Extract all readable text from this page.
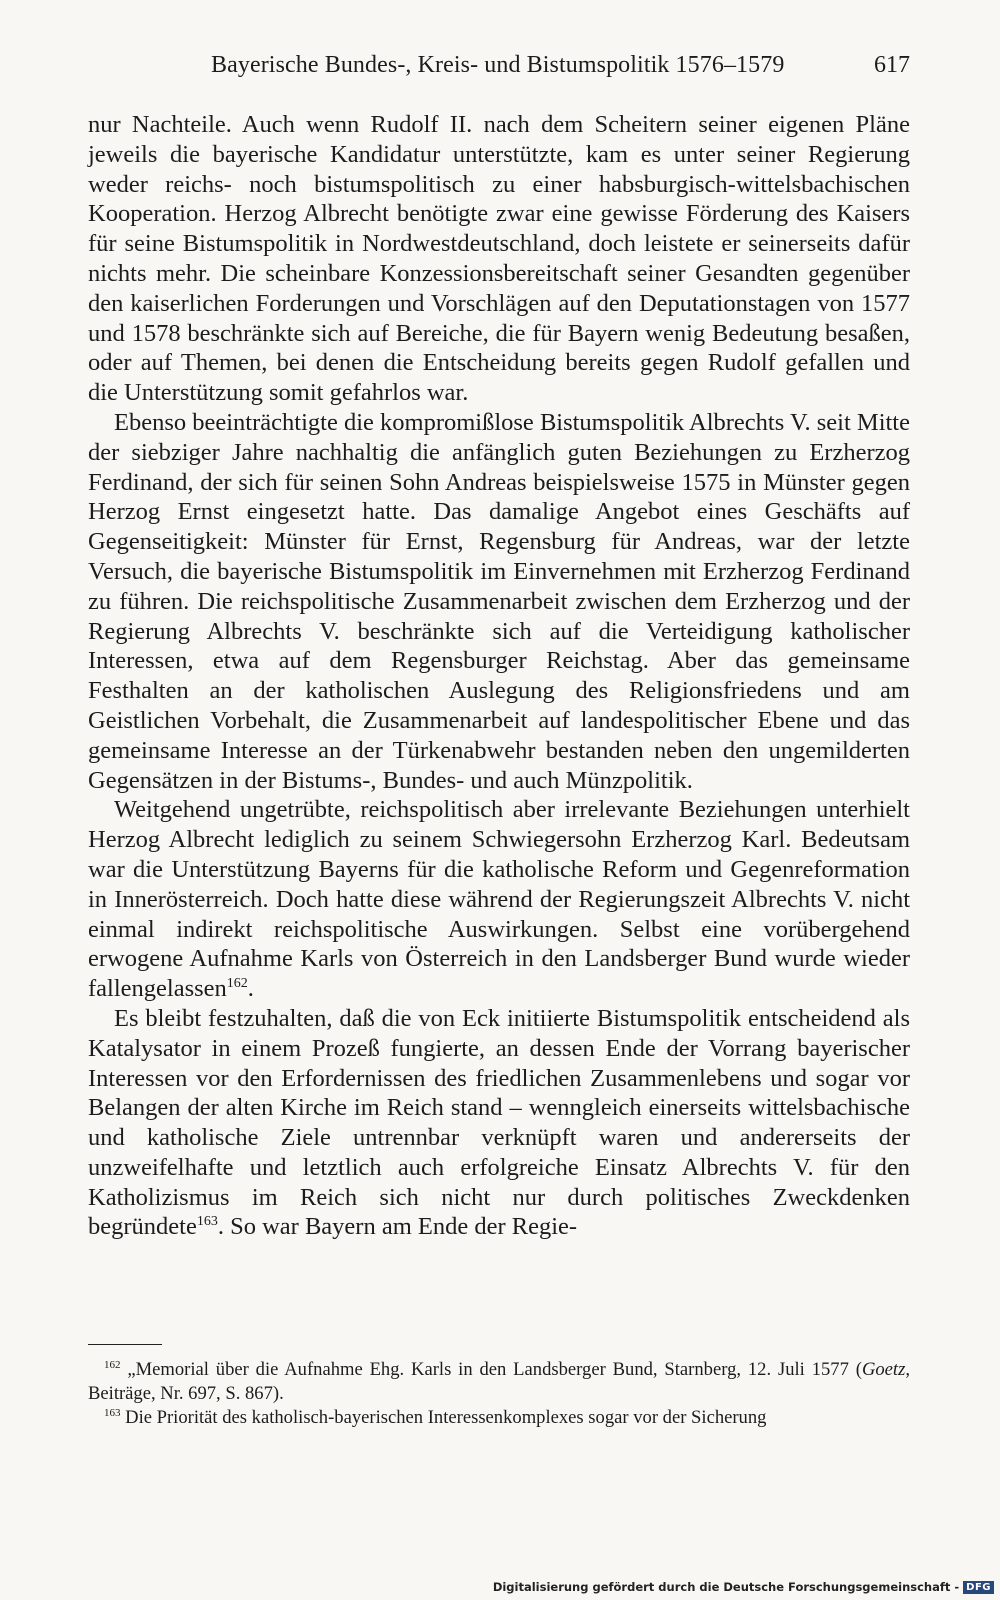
Bayerische Bundes-, Kreis- und Bistumspolitik 1576–1579	617

nur Nachteile. Auch wenn Rudolf II. nach dem Scheitern seiner eigenen Pläne jeweils die bayerische Kandidatur unterstützte, kam es unter seiner Regierung weder reichs- noch bistumspolitisch zu einer habsburgisch-wittelsbachischen Kooperation. Herzog Albrecht benötigte zwar eine gewisse Förderung des Kaisers für seine Bistumspolitik in Nordwestdeutschland, doch leistete er seinerseits dafür nichts mehr. Die scheinbare Konzessionsbereitschaft seiner Gesandten gegenüber den kaiserlichen Forderungen und Vorschlägen auf den Deputationstagen von 1577 und 1578 beschränkte sich auf Bereiche, die für Bayern wenig Bedeutung besaßen, oder auf Themen, bei denen die Entscheidung bereits gegen Rudolf gefallen und die Unterstützung somit gefahrlos war.

Ebenso beeinträchtigte die kompromißlose Bistumspolitik Albrechts V. seit Mitte der siebziger Jahre nachhaltig die anfänglich guten Beziehungen zu Erzherzog Ferdinand, der sich für seinen Sohn Andreas beispielsweise 1575 in Münster gegen Herzog Ernst eingesetzt hatte. Das damalige Angebot eines Geschäfts auf Gegenseitigkeit: Münster für Ernst, Regensburg für Andreas, war der letzte Versuch, die bayerische Bistumspolitik im Einvernehmen mit Erzherzog Ferdinand zu führen. Die reichspolitische Zusammenarbeit zwischen dem Erzherzog und der Regierung Albrechts V. beschränkte sich auf die Verteidigung katholischer Interessen, etwa auf dem Regensburger Reichstag. Aber das gemeinsame Festhalten an der katholischen Auslegung des Religionsfriedens und am Geistlichen Vorbehalt, die Zusammenarbeit auf landespolitischer Ebene und das gemeinsame Interesse an der Türkenabwehr bestanden neben den ungemilderten Gegensätzen in der Bistums-, Bundes- und auch Münzpolitik.

Weitgehend ungetrübte, reichspolitisch aber irrelevante Beziehungen unterhielt Herzog Albrecht lediglich zu seinem Schwiegersohn Erzherzog Karl. Bedeutsam war die Unterstützung Bayerns für die katholische Reform und Gegenreformation in Innerösterreich. Doch hatte diese während der Regierungszeit Albrechts V. nicht einmal indirekt reichspolitische Auswirkungen. Selbst eine vorübergehend erwogene Aufnahme Karls von Österreich in den Landsberger Bund wurde wieder fallengelassen$^{162}$.

Es bleibt festzuhalten, daß die von Eck initiierte Bistumspolitik entscheidend als Katalysator in einem Prozeß fungierte, an dessen Ende der Vorrang bayerischer Interessen vor den Erfordernissen des friedlichen Zusammenlebens und sogar vor Belangen der alten Kirche im Reich stand – wenngleich einerseits wittelsbachische und katholische Ziele untrennbar verknüpft waren und andererseits der unzweifelhafte und letztlich auch erfolgreiche Einsatz Albrechts V. für den Katholizismus im Reich sich nicht nur durch politisches Zweckdenken begründete$^{163}$. So war Bayern am Ende der Regie-

$^{162}$ „Memorial über die Aufnahme Ehg. Karls in den Landsberger Bund, Starnberg, 12. Juli 1577 (Goetz, Beiträge, Nr. 697, S. 867).

$^{163}$ Die Priorität des katholisch-bayerischen Interessenkomplexes sogar vor der Sicherung

Digitalisierung gefördert durch die Deutsche Forschungsgemeinschaft - DFG
